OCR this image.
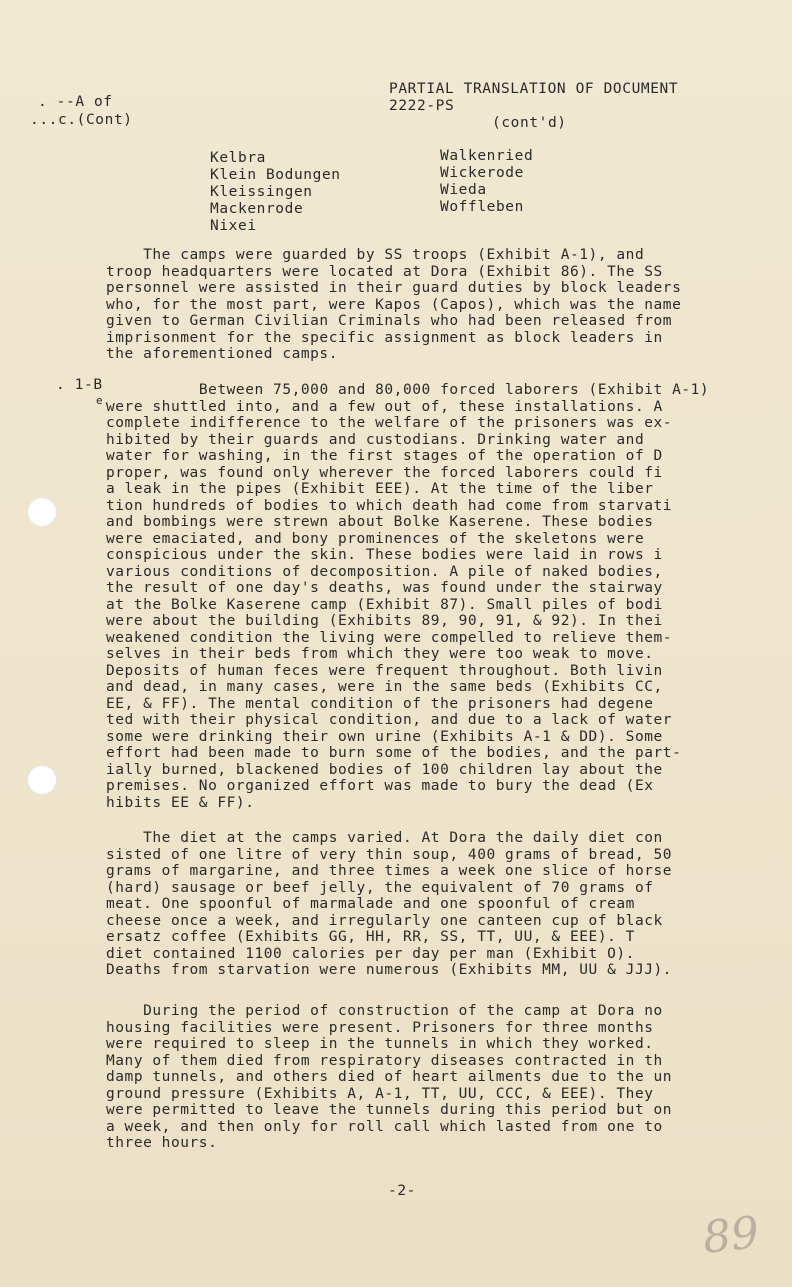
. --A of
...c.(Cont)
PARTIAL TRANSLATION OF DOCUMENT
2222-PS
(cont'd)
Kelbra
Klein Bodungen
Kleissingen
Mackenrode
Nixei
Walkenried
Wickerode
Wieda
Woffleben
The camps were guarded by SS troops (Exhibit A-1), and
troop headquarters were located at Dora (Exhibit 86). The SS
personnel were assisted in their guard duties by block leaders
who, for the most part, were Kapos (Capos), which was the name
given to German Civilian Criminals who had been released from
imprisonment for the specific assignment as block leaders in
the aforementioned camps.
. 1-B
e.
Between 75,000 and 80,000 forced laborers (Exhibit A-1)
were shuttled into, and a few out of, these installations. A
complete indifference to the welfare of the prisoners was ex-
hibited by their guards and custodians. Drinking water and
water for washing, in the first stages of the operation of D
proper, was found only wherever the forced laborers could fi
a leak in the pipes (Exhibit EEE). At the time of the liber
tion hundreds of bodies to which death had come from starvati
and bombings were strewn about Bolke Kaserene. These bodies
were emaciated, and bony prominences of the skeletons were
conspicious under the skin. These bodies were laid in rows i
various conditions of decomposition. A pile of naked bodies,
the result of one day's deaths, was found under the stairway
at the Bolke Kaserene camp (Exhibit 87). Small piles of bodi
were about the building (Exhibits 89, 90, 91, & 92). In thei
weakened condition the living were compelled to relieve them-
selves in their beds from which they were too weak to move.
Deposits of human feces were frequent throughout. Both livin
and dead, in many cases, were in the same beds (Exhibits CC,
EE, & FF). The mental condition of the prisoners had degene
ted with their physical condition, and due to a lack of water
some were drinking their own urine (Exhibits A-1 & DD). Some
effort had been made to burn some of the bodies, and the part-
ially burned, blackened bodies of 100 children lay about the
premises. No organized effort was made to bury the dead (Ex
hibits EE & FF).
The diet at the camps varied. At Dora the daily diet con
sisted of one litre of very thin soup, 400 grams of bread, 50
grams of margarine, and three times a week one slice of horse
(hard) sausage or beef jelly, the equivalent of 70 grams of
meat. One spoonful of marmalade and one spoonful of cream
cheese once a week, and irregularly one canteen cup of black
ersatz coffee (Exhibits GG, HH, RR, SS, TT, UU, & EEE). T
diet contained 1100 calories per day per man (Exhibit O).
Deaths from starvation were numerous (Exhibits MM, UU & JJJ).
During the period of construction of the camp at Dora no
housing facilities were present. Prisoners for three months
were required to sleep in the tunnels in which they worked.
Many of them died from respiratory diseases contracted in th
damp tunnels, and others died of heart ailments due to the un
ground pressure (Exhibits A, A-1, TT, UU, CCC, & EEE). They
were permitted to leave the tunnels during this period but on
a week, and then only for roll call which lasted from one to
three hours.
-2-
89
